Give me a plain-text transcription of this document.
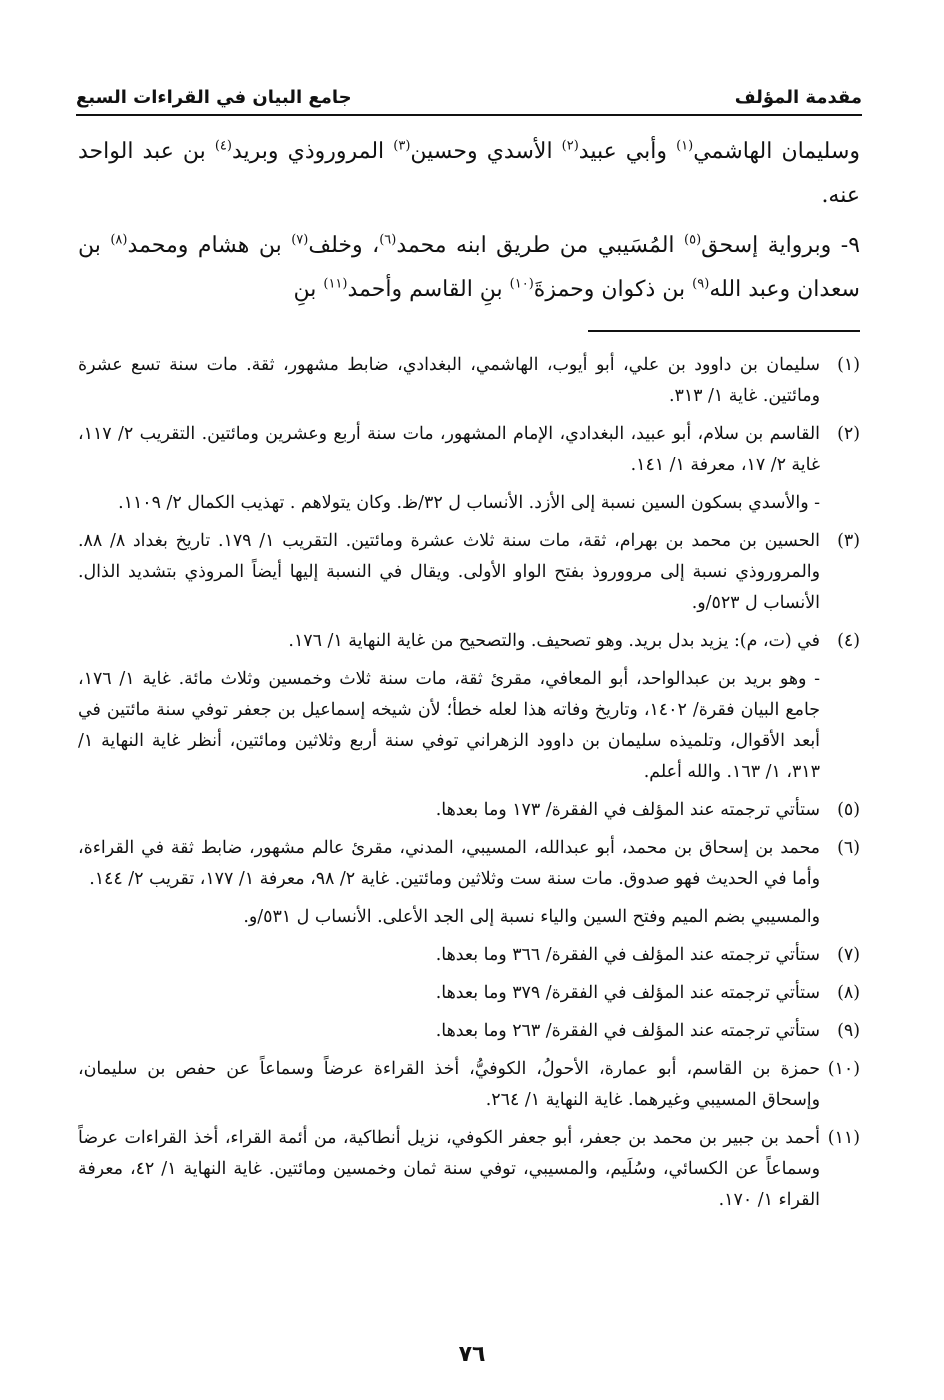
مقدمة المؤلف
جامع البيان في القراءات السبع

وسليمان الهاشمي$^{(١)}$ وأبي عبيد$^{(٢)}$ الأسدي وحسين$^{(٣)}$ المروروذي وبريد$^{(٤)}$ بن عبد الواحد عنه.

٩- وبرواية إسحق$^{(٥)}$ المُسَيبي من طريق ابنه محمد$^{(٦)}$، وخلف$^{(٧)}$ بن هشام ومحمد$^{(٨)}$ بن سعدان وعبد الله$^{(٩)}$ بن ذكوان وحمزةَ$^{(١٠)}$ بنِ القاسم وأحمد$^{(١١)}$ بنِ

(١)
سليمان بن داوود بن علي، أبو أيوب، الهاشمي، البغدادي، ضابط مشهور، ثقة. مات سنة تسع عشرة ومائتين. غاية ١/ ٣١٣.
(٢)
القاسم بن سلام، أبو عبيد، البغدادي، الإمام المشهور، مات سنة أربع وعشرين ومائتين. التقريب ٢/ ١١٧، غاية ٢/ ١٧، معرفة ١/ ١٤١.
- والأسدي بسكون السين نسبة إلى الأزد. الأنساب ل ٣٢/ظ. وكان يتولاهم . تهذيب الكمال ٢/ ١١٠٩.
(٣)
الحسين بن محمد بن بهرام، ثقة، مات سنة ثلاث عشرة ومائتين. التقريب ١/ ١٧٩. تاريخ بغداد ٨/ ٨٨. والمروروذي نسبة إلى مرووروذ بفتح الواو الأولى. ويقال في النسبة إليها أيضاً المروذي بتشديد الذال. الأنساب ل ٥٢٣/و.
(٤)
في (ت، م): يزيد بدل بريد. وهو تصحيف. والتصحيح من غاية النهاية ١/ ١٧٦.
- وهو بريد بن عبدالواحد، أبو المعافي، مقرئ ثقة، مات سنة ثلاث وخمسين وثلاث مائة. غاية ١/ ١٧٦، جامع البيان فقرة/ ١٤٠٢، وتاريخ وفاته هذا لعله خطأ؛ لأن شيخه إسماعيل بن جعفر توفي سنة مائتين في أبعد الأقوال، وتلميذه سليمان بن داوود الزهراني توفي سنة أربع وثلاثين ومائتين، أنظر غاية النهاية ١/ ٣١٣، ١/ ١٦٣. والله أعلم.
(٥)
ستأتي ترجمته عند المؤلف في الفقرة/ ١٧٣ وما بعدها.
(٦)
محمد بن إسحاق بن محمد، أبو عبدالله، المسيبي، المدني، مقرئ عالم مشهور، ضابط ثقة في القراءة، وأما في الحديث فهو صدوق. مات سنة ست وثلاثين ومائتين. غاية ٢/ ٩٨، معرفة ١/ ١٧٧، تقريب ٢/ ١٤٤.
والمسيبي بضم الميم وفتح السين والياء نسبة إلى الجد الأعلى. الأنساب ل ٥٣١/و.
(٧)
ستأتي ترجمته عند المؤلف في الفقرة/ ٣٦٦ وما بعدها.
(٨)
ستأتي ترجمته عند المؤلف في الفقرة/ ٣٧٩ وما بعدها.
(٩)
ستأتي ترجمته عند المؤلف في الفقرة/ ٢٦٣ وما بعدها.
(١٠)
حمزة بن القاسم، أبو عمارة، الأحولُ، الكوفيُّ، أخذ القراءة عرضاً وسماعاً عن حفص بن سليمان، وإسحاق المسيبي وغيرهما. غاية النهاية ١/ ٢٦٤.
(١١)
أحمد بن جبير بن محمد بن جعفر، أبو جعفر الكوفي، نزيل أنطاكية، من أئمة القراء، أخذ القراءات عرضاً وسماعاً عن الكسائي، وسُلَيم، والمسيبي، توفي سنة ثمان وخمسين ومائتين. غاية النهاية ١/ ٤٢، معرفة القراء ١/ ١٧٠.
٧٦
